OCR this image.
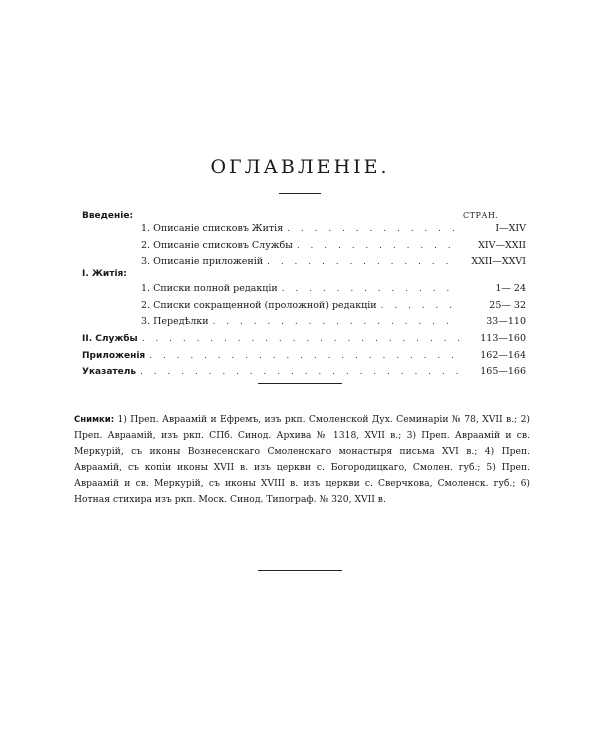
ОГЛАВЛЕНІЕ.
СТРАН.
Введеніе:
1. Описаніе списковъ Житія . . .	I—XIV
2. Описаніе списковъ Службы . . .	XIV—XXII
3. Описаніе приложеній . . .	XXII—XXVI
I. Житія:
1. Списки полной редакціи . . .	1— 24
2. Списки сокращенной (проложной) редакціи . . .	25— 32
3. Передѣлки . . .	33—110
II. Службы . . .	113—160
Приложенія . . .	162—164
Указатель . . .	165—166
Снимки: 1) Преп. Авраамій и Ефремъ, изъ ркп. Смоленской Дух. Семинаріи № 78, XVII в.; 2) Преп. Авраамій, изъ ркп. СПб. Синод. Архива № 1318, XVII в.; 3) Преп. Авраамій и св. Меркурій, съ иконы Вознесенскаго Смоленскаго монастыря письма XVI в.; 4) Преп. Авраамій, съ копіи иконы XVII в. изъ церкви с. Богородицкаго, Смолен. губ.; 5) Преп. Авраамій и св. Меркурій, съ иконы XVIII в. изъ церкви с. Сверчкова, Смоленск. губ.; 6) Нотная стихира изъ ркп. Моск. Синод. Типограф. № 320, XVII в.
